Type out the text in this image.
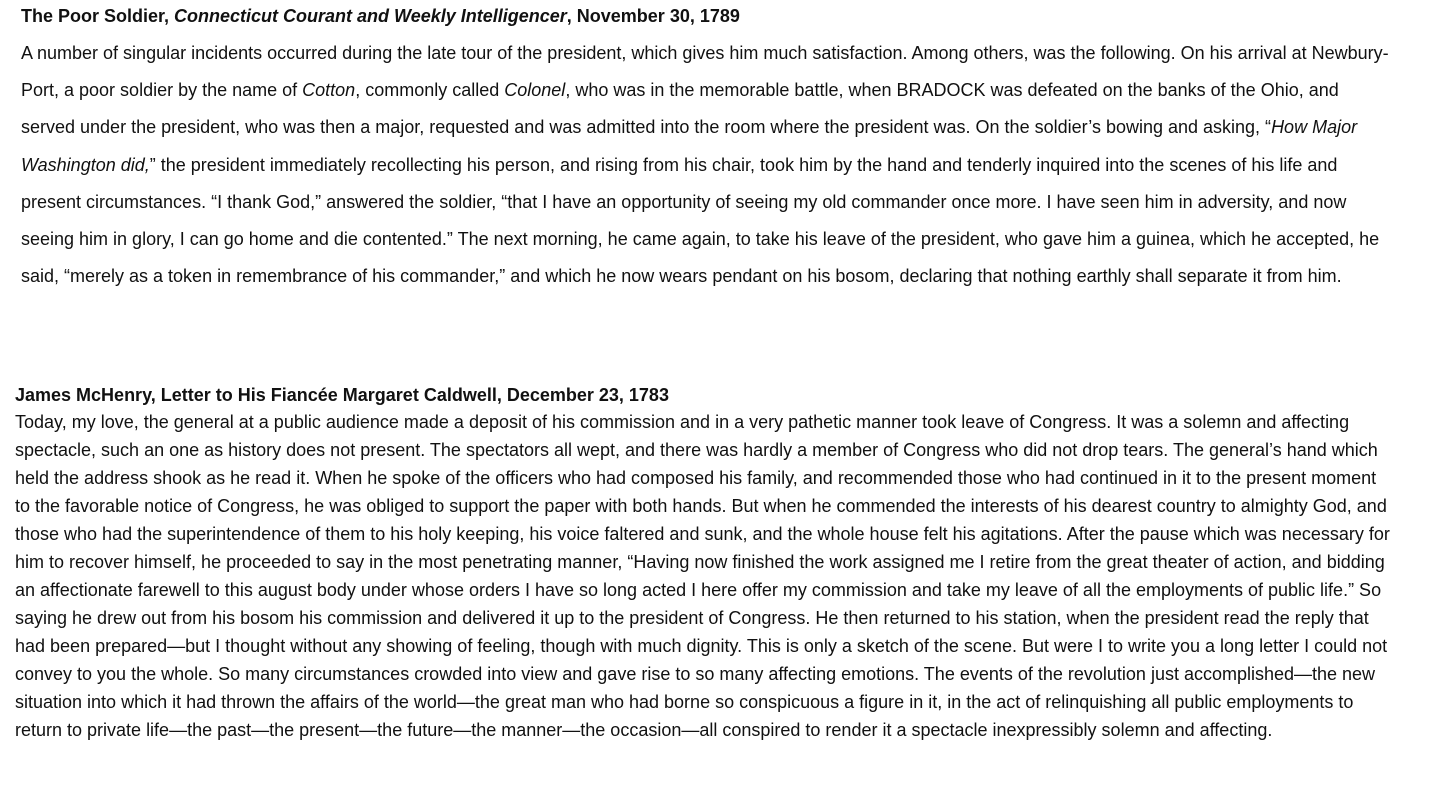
The Poor Soldier, Connecticut Courant and Weekly Intelligencer, November 30, 1789

A number of singular incidents occurred during the late tour of the president, which gives him much satisfaction. Among others, was the following. On his arrival at Newbury-Port, a poor soldier by the name of Cotton, commonly called Colonel, who was in the memorable battle, when BRADOCK was defeated on the banks of the Ohio, and served under the president, who was then a major, requested and was admitted into the room where the president was. On the soldier’s bowing and asking, “How Major Washington did,” the president immediately recollecting his person, and rising from his chair, took him by the hand and tenderly inquired into the scenes of his life and present circumstances. “I thank God,” answered the soldier, “that I have an opportunity of seeing my old commander once more. I have seen him in adversity, and now seeing him in glory, I can go home and die contented.” The next morning, he came again, to take his leave of the president, who gave him a guinea, which he accepted, he said, “merely as a token in remembrance of his commander,” and which he now wears pendant on his bosom, declaring that nothing earthly shall separate it from him.

James McHenry, Letter to His Fiancée Margaret Caldwell, December 23, 1783

Today, my love, the general at a public audience made a deposit of his commission and in a very pathetic manner took leave of Congress. It was a solemn and affecting spectacle, such an one as history does not present. The spectators all wept, and there was hardly a member of Congress who did not drop tears. The general’s hand which held the address shook as he read it. When he spoke of the officers who had composed his family, and recommended those who had continued in it to the present moment to the favorable notice of Congress, he was obliged to support the paper with both hands. But when he commended the interests of his dearest country to almighty God, and those who had the superintendence of them to his holy keeping, his voice faltered and sunk, and the whole house felt his agitations. After the pause which was necessary for him to recover himself, he proceeded to say in the most penetrating manner, “Having now finished the work assigned me I retire from the great theater of action, and bidding an affectionate farewell to this august body under whose orders I have so long acted I here offer my commission and take my leave of all the employments of public life.” So saying he drew out from his bosom his commission and delivered it up to the president of Congress. He then returned to his station, when the president read the reply that had been prepared—but I thought without any showing of feeling, though with much dignity. This is only a sketch of the scene. But were I to write you a long letter I could not convey to you the whole. So many circumstances crowded into view and gave rise to so many affecting emotions. The events of the revolution just accomplished—the new situation into which it had thrown the affairs of the world—the great man who had borne so conspicuous a figure in it, in the act of relinquishing all public employments to return to private life—the past—the present—the future—the manner—the occasion—all conspired to render it a spectacle inexpressibly solemn and affecting.
